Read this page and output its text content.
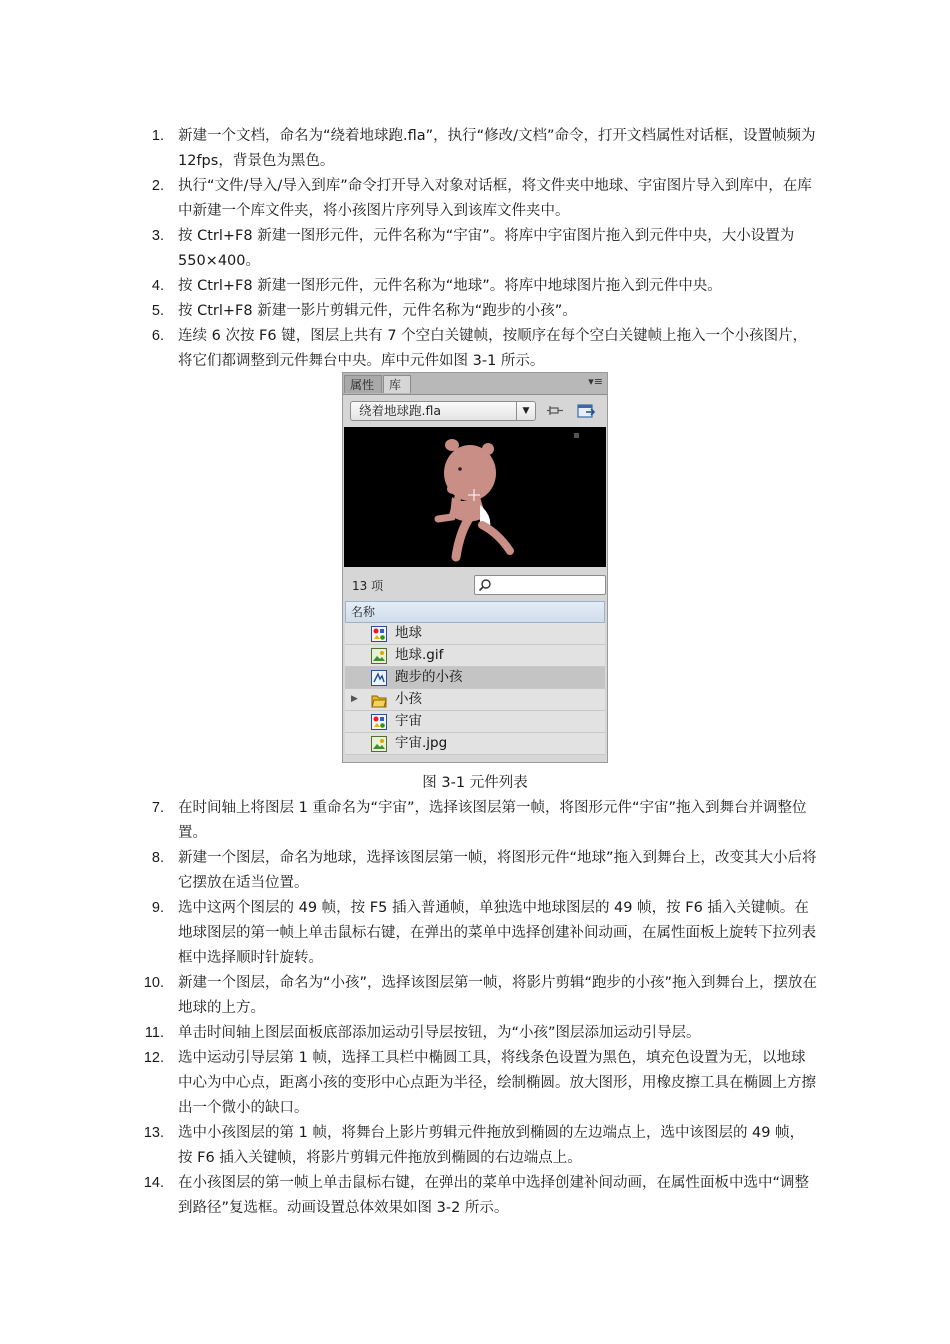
1. 新建一个文档，命名为“绕着地球跑.fla”，执行“修改/文档”命令，打开文档属性对话框，设置帧频为 12fps，背景色为黑色。
2. 执行“文件/导入/导入到库”命令打开导入对象对话框，将文件夹中地球、宇宙图片导入到库中，在库中新建一个库文件夹，将小孩图片序列导入到该库文件夹中。
3. 按 Ctrl+F8 新建一图形元件，元件名称为“宇宙”。将库中宇宙图片拖入到元件中央，大小设置为 550×400。
4. 按 Ctrl+F8 新建一图形元件，元件名称为“地球”。将库中地球图片拖入到元件中央。
5. 按 Ctrl+F8 新建一影片剪辑元件，元件名称为“跑步的小孩”。
6. 连续 6 次按 F6 键，图层上共有 7 个空白关键帧，按顺序在每个空白关键帧上拖入一个小孩图片，将它们都调整到元件舞台中央。库中元件如图 3-1 所示。
属性	库	▾≡
绕着地球跑.fla	▼
13 项
名称
地球
地球.gif
跑步的小孩
▶	小孩
宇宙
宇宙.jpg
图 3-1 元件列表
7. 在时间轴上将图层 1 重命名为“宇宙”，选择该图层第一帧，将图形元件“宇宙”拖入到舞台并调整位置。
8. 新建一个图层，命名为地球，选择该图层第一帧，将图形元件“地球”拖入到舞台上，改变其大小后将它摆放在适当位置。
9. 选中这两个图层的 49 帧，按 F5 插入普通帧，单独选中地球图层的 49 帧，按 F6 插入关键帧。在地球图层的第一帧上单击鼠标右键，在弹出的菜单中选择创建补间动画，在属性面板上旋转下拉列表框中选择顺时针旋转。
10. 新建一个图层，命名为“小孩”，选择该图层第一帧，将影片剪辑“跑步的小孩”拖入到舞台上，摆放在地球的上方。
11. 单击时间轴上图层面板底部添加运动引导层按钮，为“小孩”图层添加运动引导层。
12. 选中运动引导层第 1 帧，选择工具栏中椭圆工具，将线条色设置为黑色，填充色设置为无，以地球中心为中心点，距离小孩的变形中心点距为半径，绘制椭圆。放大图形，用橡皮擦工具在椭圆上方擦出一个微小的缺口。
13. 选中小孩图层的第 1 帧，将舞台上影片剪辑元件拖放到椭圆的左边端点上，选中该图层的 49 帧，按 F6 插入关键帧，将影片剪辑元件拖放到椭圆的右边端点上。
14. 在小孩图层的第一帧上单击鼠标右键，在弹出的菜单中选择创建补间动画，在属性面板中选中“调整到路径”复选框。动画设置总体效果如图 3-2 所示。
